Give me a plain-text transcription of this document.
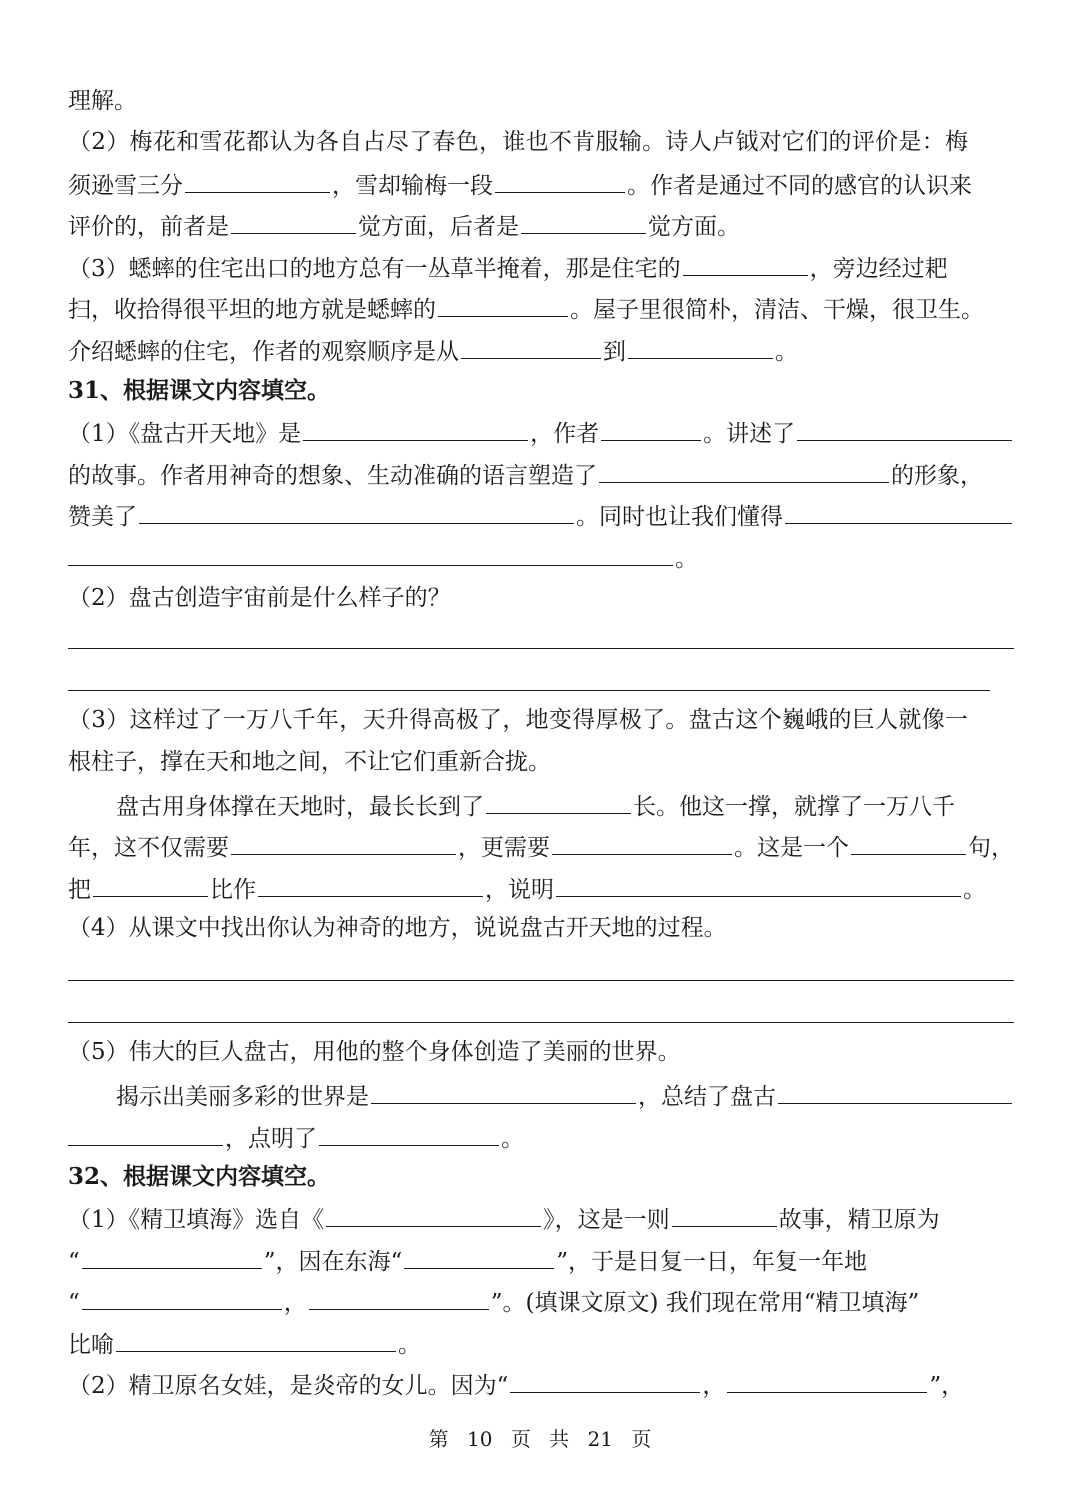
理解。
（2）梅花和雪花都认为各自占尽了春色，谁也不肯服输。诗人卢钺对它们的评价是：梅
须逊雪三分	，雪却输梅一段	。作者是通过不同的感官的认识来
评价的，前者是	觉方面，后者是	觉方面。
（3）蟋蟀的住宅出口的地方总有一丛草半掩着，那是住宅的	，旁边经过耙
扫，收拾得很平坦的地方就是蟋蟀的	。屋子里很简朴，清洁、干燥，很卫生。
介绍蟋蟀的住宅，作者的观察顺序是从	到	。
31、根据课文内容填空。
（1）《盘古开天地》是	，作者	。讲述了
的故事。作者用神奇的想象、生动准确的语言塑造了	的形象，
赞美了	。同时也让我们懂得
。
（2）盘古创造宇宙前是什么样子的？
（3）这样过了一万八千年，天升得高极了，地变得厚极了。盘古这个巍峨的巨人就像一
根柱子，撑在天和地之间，不让它们重新合拢。
盘古用身体撑在天地时，最长长到了	长。他这一撑，就撑了一万八千
年，这不仅需要	，更需要	。这是一个	句，
把	比作	，说明	。
（4）从课文中找出你认为神奇的地方，说说盘古开天地的过程。
（5）伟大的巨人盘古，用他的整个身体创造了美丽的世界。
揭示出美丽多彩的世界是	，总结了盘古
，点明了	。
32、根据课文内容填空。
（1）《精卫填海》选自《	》，这是一则	故事，精卫原为
“	”，因在东海“	”，于是日复一日，年复一年地
“	，	”。(填课文原文) 我们现在常用“精卫填海”
比喻	。
（2）精卫原名女娃，是炎帝的女儿。因为“	，	”，
第 10 页 共 21 页
